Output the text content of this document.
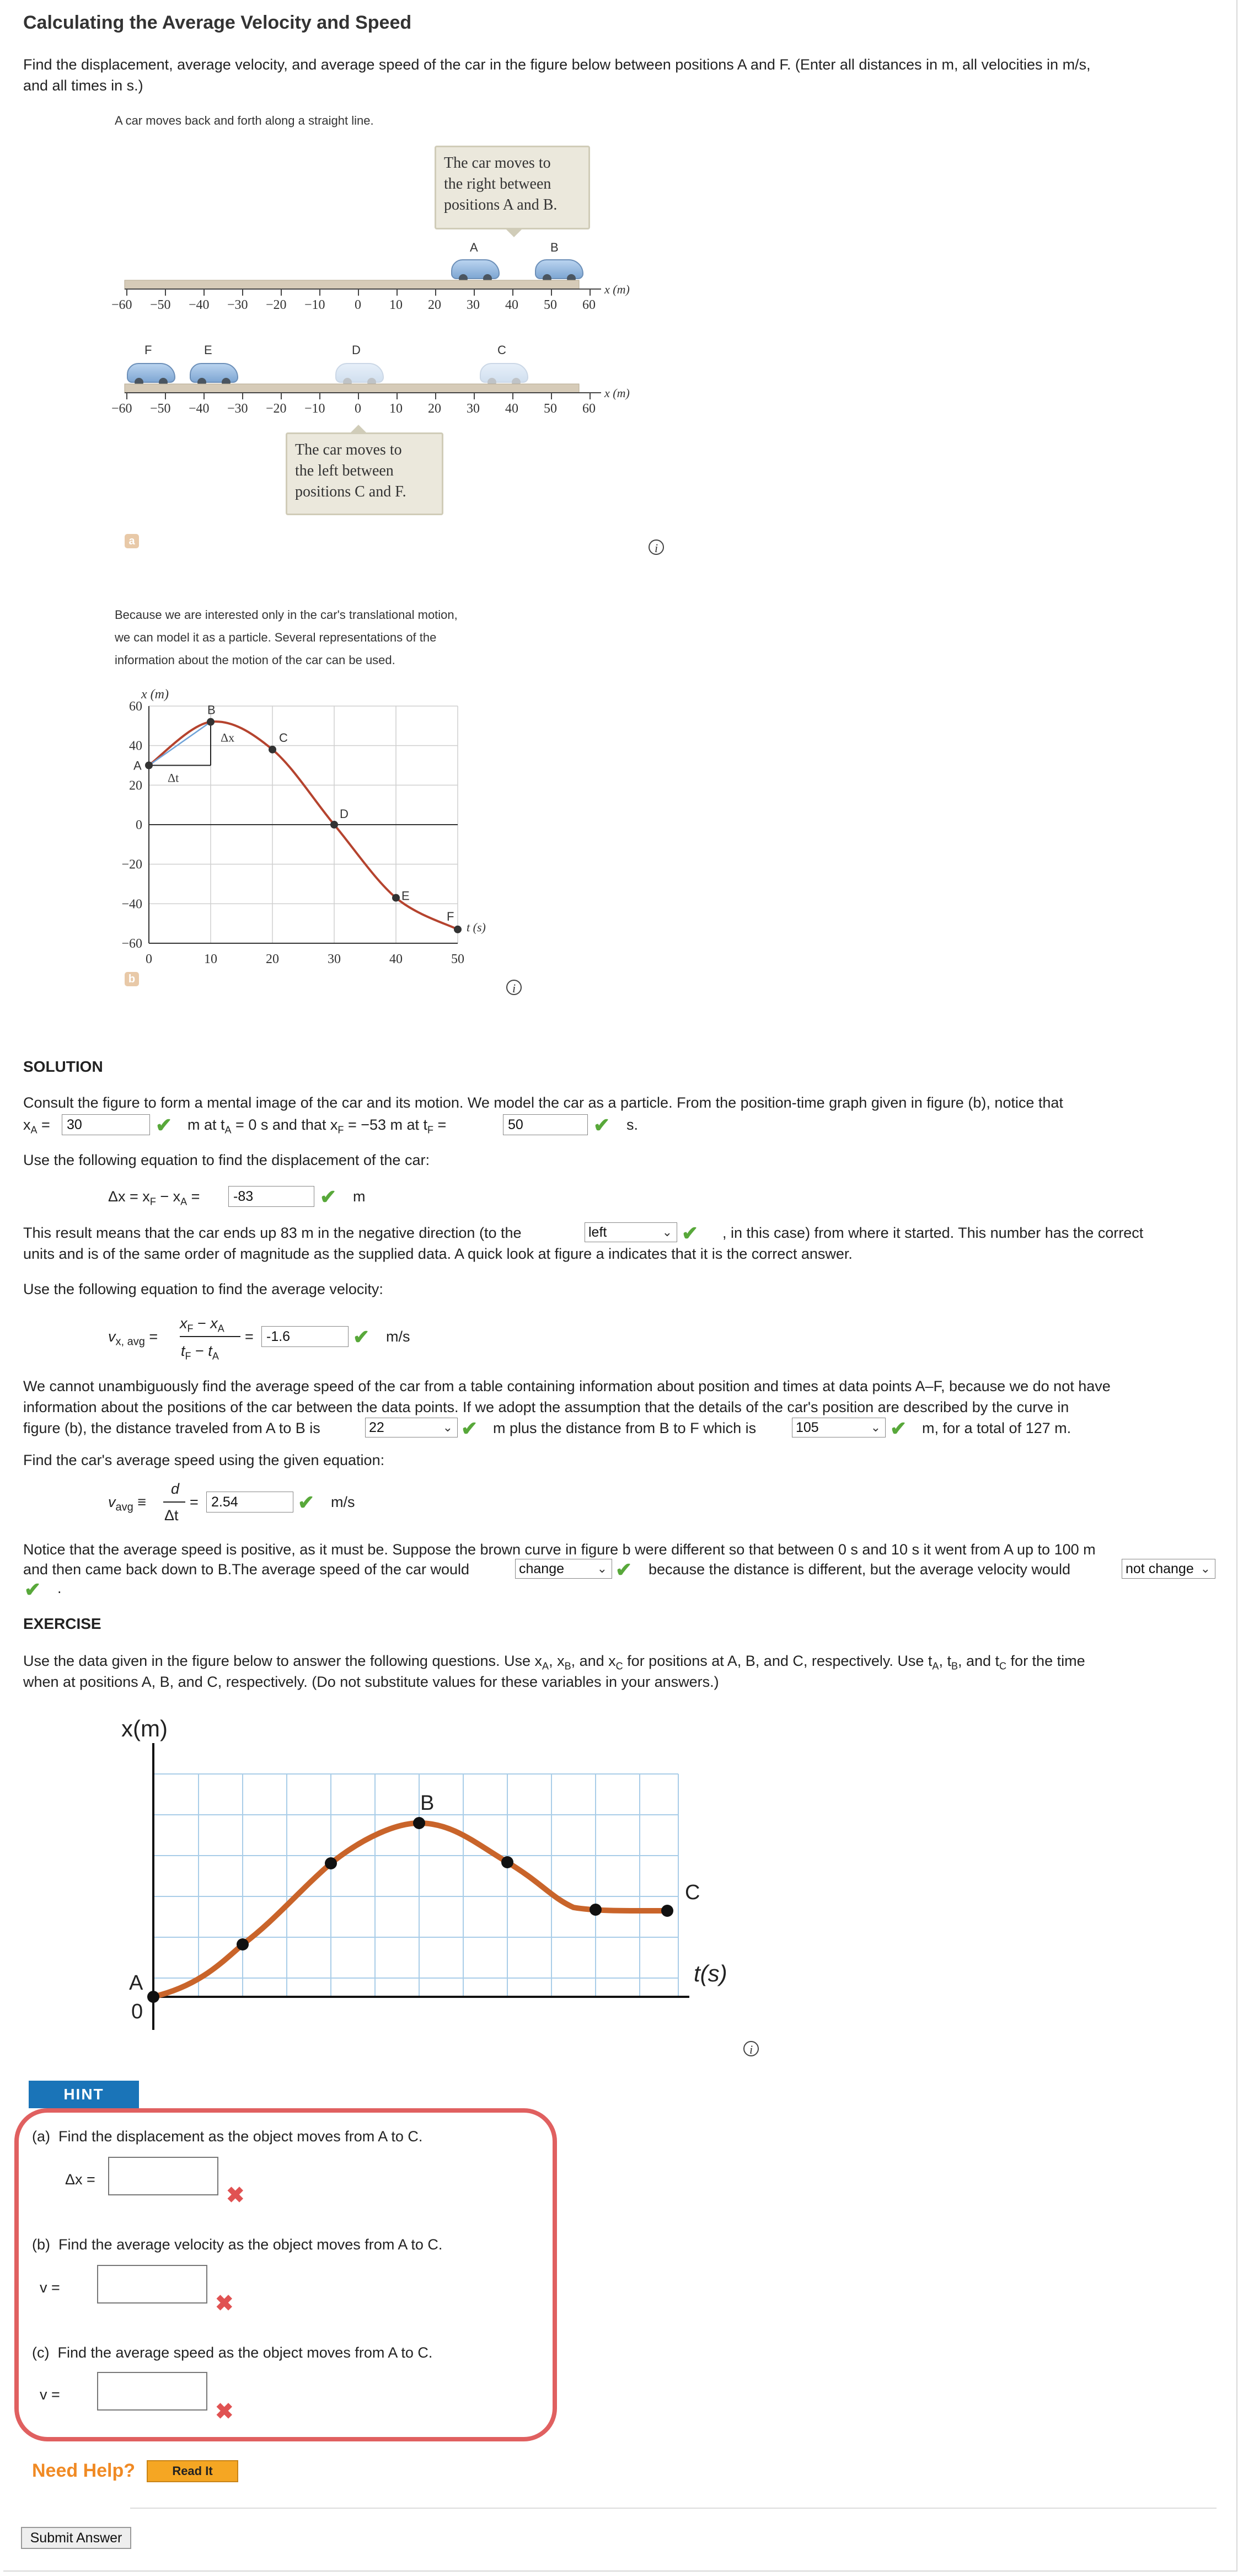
Calculating the Average Velocity and Speed
Find the displacement, average velocity, and average speed of the car in the figure below between positions A and F. (Enter all distances in m, all velocities in m/s,
and all times in s.)
A car moves back and forth along a straight line.
The car moves to
the right between
positions A and B.
A	B
x (m)
−60 −50 −40 −30 −20 −10 0 10 20 30 40 50 60
F	E	D	C
x (m)
−60 −50 −40 −30 −20 −10 0 10 20 30 40 50 60
The car moves to
the left between
positions C and F.
a	i
Because we are interested only in the car's translational motion,
we can model it as a particle. Several representations of the
information about the motion of the car can be used.
60
40
20
0
−20
−40
−60
0	10	20	30	40	50
x (m)
t (s)
Δx
Δt
A
B
C
D
E
F
b
i
SOLUTION
Consult the figure to form a mental image of the car and its motion. We model the car as a particle. From the position-time graph given in figure (b), notice that
$x_A$ =
30	✔ m at $t_A = 0$ s and that $x_F = -53$ m at $t_F$ =
50	✔ s.
Use the following equation to find the displacement of the car:
$\Delta x = x_F - x_A$ =
-83	✔ m
This result means that the car ends up 83 m in the negative direction (to the	left	⌄ ✔ , in this case) from where it started. This number has the correct
units and is of the same order of magnitude as the supplied data. A quick look at figure a indicates that it is the correct answer.
Use the following equation to find the average velocity:
$v_{x, avg}$ =
$x_F - x_A$
$t_F - t_A$
=
-1.6	✔ m/s
We cannot unambiguously find the average speed of the car from a table containing information about position and times at data points A–F, because we do not have
information about the positions of the car between the data points. If we adopt the assumption that the details of the car's position are described by the curve in
figure (b), the distance traveled from A to B is	22	⌄ ✔ m plus the distance from B to F which is	105	⌄ ✔ m, for a total of 127 m.
Find the car's average speed using the given equation:
$v_{avg}$ ≡
d
Δt
=
2.54	✔ m/s
Notice that the average speed is positive, as it must be. Suppose the brown curve in figure b were different so that between 0 s and 10 s it went from A up to 100 m
and then came back down to B.The average speed of the car would	change	⌄ ✔ because the distance is different, but the average velocity would	not change ⌄
✔ .
EXERCISE
Use the data given in the figure below to answer the following questions. Use $x_A$, $x_B$, and $x_C$ for positions at A, B, and C, respectively. Use $t_A$, $t_B$, and $t_C$ for the time
when at positions A, B, and C, respectively. (Do not substitute values for these variables in your answers.)
x(m)
t(s)
A
B
C
0
i
HINT
(a) Find the displacement as the object moves from A to C.
Δx =
✖
(b) Find the average velocity as the object moves from A to C.
v =
✖
(c) Find the average speed as the object moves from A to C.
v =
✖
Need Help?	Read It
Submit Answer
